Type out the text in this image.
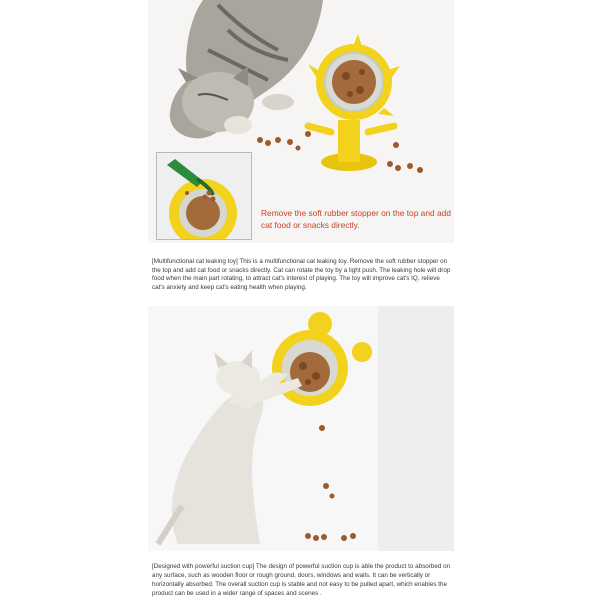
Remove the soft rubber stopper on the top and add cat food or snacks directly.
[Multifunctional cat leaking toy] This is a multifunctional cat leaking toy. Remove the soft rubber stopper on the top and add cat food or snacks directly. Cat can rotate the toy by a light push. The leaking hole will drop food when the main part rotating, to attract cat's interest of playing. The toy will improve cat's IQ, relieve cat's anxiety and keep cat's eating health when playing.
[Designed with powerful suction cup] The design of powerful suction cup is able the product to absorbed on any surface, such as wooden floor or rough ground, doors, windows and walls. It can be vertically or horizontally absorbed. The overall suction cup is stable and not easy to be pulled apart, which enables the product can be used in a wider range of spaces and scenes .
